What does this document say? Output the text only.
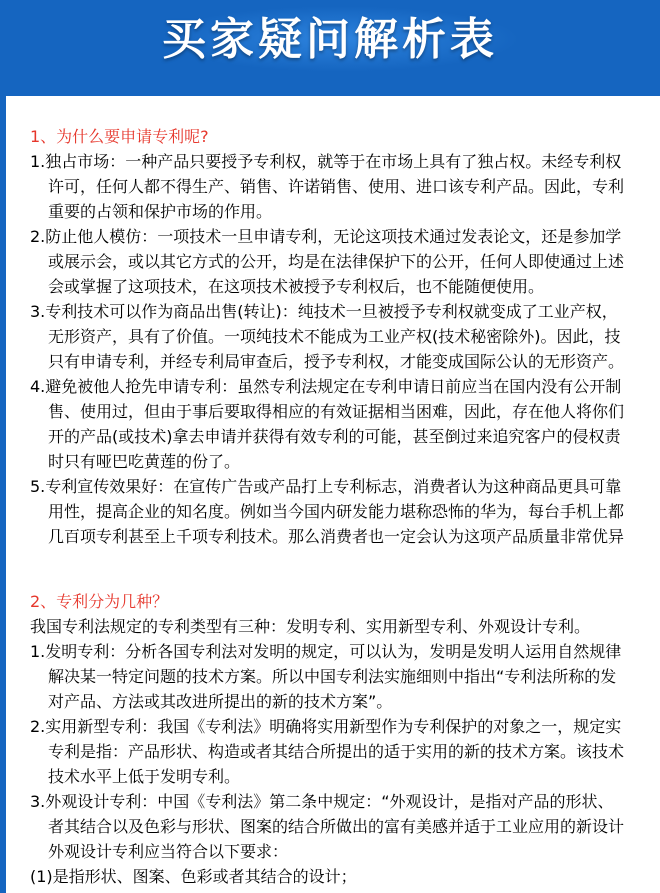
买家疑问解析表
1、为什么要申请专利呢?
1.独占市场：一种产品只要授予专利权，就等于在市场上具有了独占权。未经专利权
许可，任何人都不得生产、销售、许诺销售、使用、进口该专利产品。因此，专利
重要的占领和保护市场的作用。
2.防止他人模仿：一项技术一旦申请专利，无论这项技术通过发表论文，还是参加学
或展示会，或以其它方式的公开，均是在法律保护下的公开，任何人即使通过上述
会或掌握了这项技术，在这项技术被授予专利权后，也不能随便使用。
3.专利技术可以作为商品出售(转让)：纯技术一旦被授予专利权就变成了工业产权，
无形资产，具有了价值。一项纯技术不能成为工业产权(技术秘密除外)。因此，技
只有申请专利，并经专利局审查后，授予专利权，才能变成国际公认的无形资产。
4.避免被他人抢先申请专利：虽然专利法规定在专利申请日前应当在国内没有公开制
售、使用过，但由于事后要取得相应的有效证据相当困难，因此，存在他人将你们
开的产品(或技术)拿去申请并获得有效专利的可能，甚至倒过来追究客户的侵权责
时只有哑巴吃黄莲的份了。
5.专利宣传效果好：在宣传广告或产品打上专利标志，消费者认为这种商品更具可靠
用性，提高企业的知名度。例如当今国内研发能力堪称恐怖的华为，每台手机上都
几百项专利甚至上千项专利技术。那么消费者也一定会认为这项产品质量非常优异
2、专利分为几种？
我国专利法规定的专利类型有三种：发明专利、实用新型专利、外观设计专利。
1.发明专利：分析各国专利法对发明的规定，可以认为，发明是发明人运用自然规律
解决某一特定问题的技术方案。所以中国专利法实施细则中指出“专利法所称的发
对产品、方法或其改进所提出的新的技术方案”。
2.实用新型专利：我国《专利法》明确将实用新型作为专利保护的对象之一，规定实
专利是指：产品形状、构造或者其结合所提出的适于实用的新的技术方案。该技术
技术水平上低于发明专利。
3.外观设计专利：中国《专利法》第二条中规定：“外观设计，是指对产品的形状、
者其结合以及色彩与形状、图案的结合所做出的富有美感并适于工业应用的新设计
外观设计专利应当符合以下要求：
(1)是指形状、图案、色彩或者其结合的设计；
